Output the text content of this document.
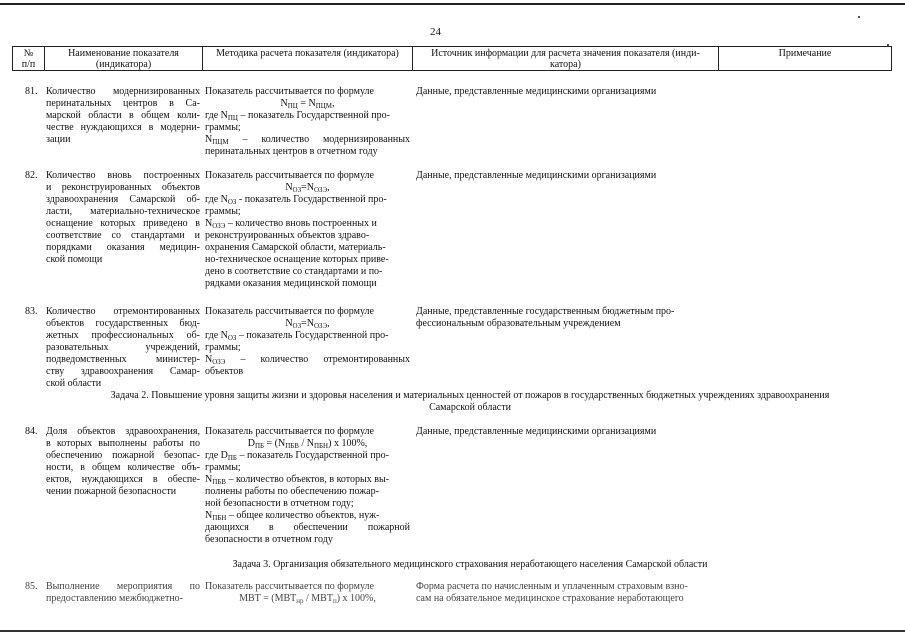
24
№
п/п
Наименование показателя
(индикатора)
Методика расчета показателя (индикатора)	Источник информации для расчета значения показателя (инди-
катора)
Примечание
81. Количество модернизированных
перинатальных центров в Са-
марской области в общем коли-
честве нуждающихся в модерни-
зации
Показатель рассчитывается по формуле
$N_{ПЦ} = N_{ПЦМ}$,
где $N_{ПЦ}$ – показатель Государственной про-
граммы;
$N_{ПЦМ}$ – количество модернизированных
перинатальных центров в отчетном году
Данные, представленные медицинскими организациями
82. Количество вновь построенных
и реконструированных объектов
здравоохранения Самарской об-
ласти, материально-техническое
оснащение которых приведено в
соответствие со стандартами и
порядками оказания медицин-
ской помощи
Показатель рассчитывается по формуле
$N_{ОЗ}=N_{ОЗЭ}$,
где $N_{ОЗ}$ - показатель Государственной про-
граммы;
$N_{ОЗЭ}$ – количество вновь построенных и
реконструированных объектов здраво-
охранения Самарской области, материаль-
но-техническое оснащение которых приве-
дено в соответствие со стандартами и по-
рядками оказания медицинской помощи
Данные, представленные медицинскими организациями
83. Количество отремонтированных
объектов государственных бюд-
жетных профессиональных об-
разовательных учреждений,
подведомственных министер-
ству здравоохранения Самар-
ской области
Показатель рассчитывается по формуле
$N_{ОЗ}=N_{ОЗЭ}$,
где $N_{ОЗ}$ – показатель Государственной про-
граммы;
$N_{ОЗЭ}$ – количество отремонтированных
объектов
Данные, представленные государственным бюджетным про-
фессиональным образовательным учреждением
Задача 2. Повышение уровня защиты жизни и здоровья населения и материальных ценностей от пожаров в государственных бюджетных учреждениях здравоохранения
Самарской области
84. Доля объектов здравоохранения,
в которых выполнены работы по
обеспечению пожарной безопас-
ности, в общем количестве объ-
ектов, нуждающихся в обеспе-
чении пожарной безопасности
Показатель рассчитывается по формуле
$D_{ПБ} = (N_{ПБВ} / N_{ПБН})$ x 100%,
где $D_{ПБ}$ – показатель Государственной про-
граммы;
$N_{ПБВ}$ – количество объектов, в которых вы-
полнены работы по обеспечению пожар-
ной безопасности в отчетном году;
$N_{ПБН}$ – общее количество объектов, нуж-
дающихся в обеспечении пожарной
безопасности в отчетном году
Данные, представленные медицинскими организациями
Задача 3. Организация обязательного медицинского страхования неработающего населения Самарской области
85. Выполнение мероприятия по
предоставлению межбюджетно-
Показатель рассчитывается по формуле
MBT = $(MBT_{нр} / MBT_п)$ x 100%,
Форма расчета по начисленным и уплаченным страховым взно-
сам на обязательное медицинское страхование неработающего
